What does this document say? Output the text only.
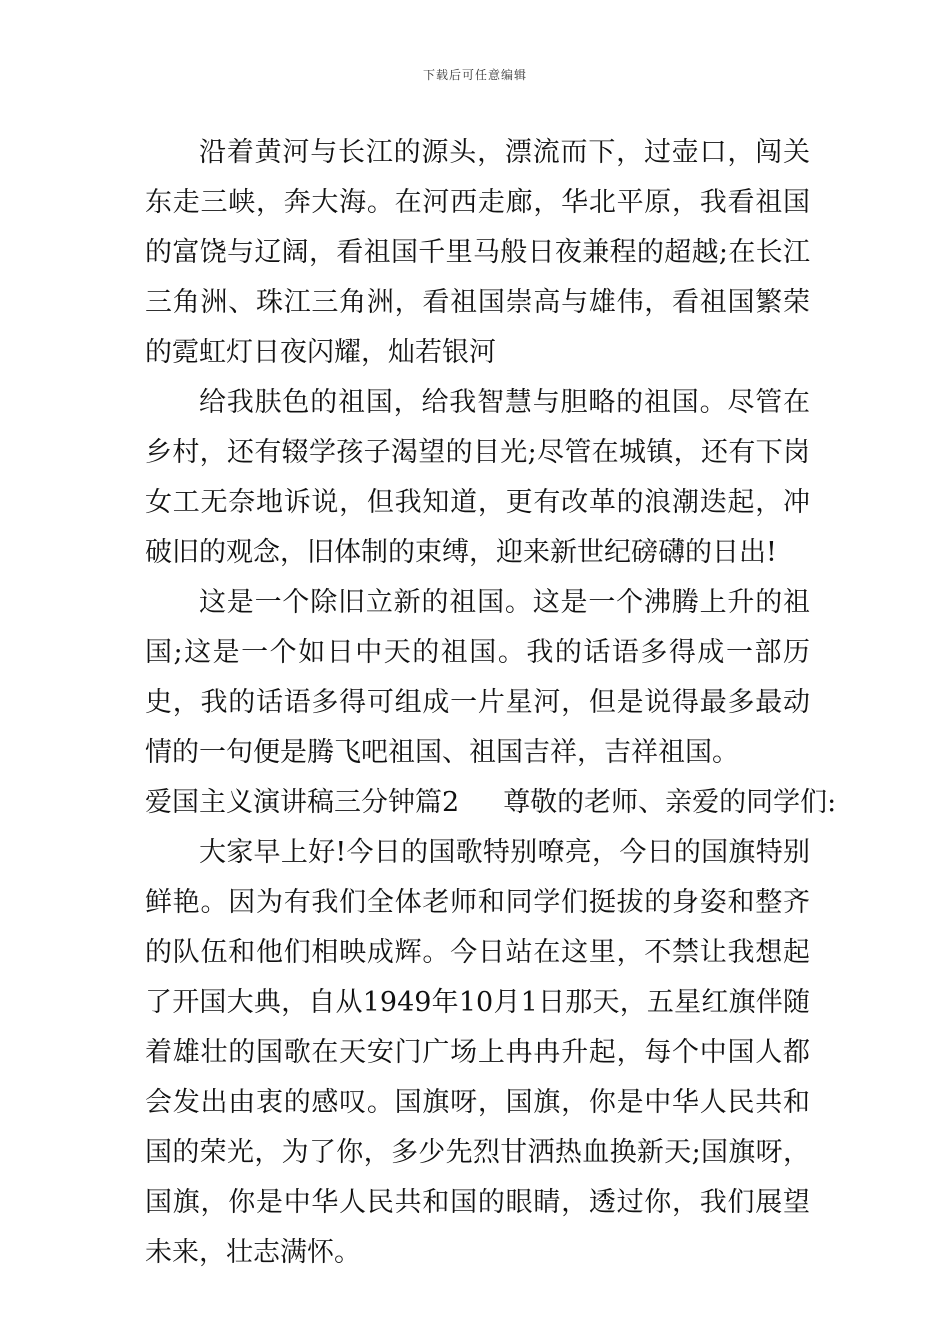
下载后可任意编辑

沿着黄河与长江的源头，漂流而下，过壶口，闯关东走三峡，奔大海。在河西走廊，华北平原，我看祖国的富饶与辽阔，看祖国千里马般日夜兼程的超越;在长江三角洲、珠江三角洲，看祖国崇高与雄伟，看祖国繁荣的霓虹灯日夜闪耀，灿若银河

给我肤色的祖国，给我智慧与胆略的祖国。尽管在乡村，还有辍学孩子渴望的目光;尽管在城镇，还有下岗女工无奈地诉说，但我知道，更有改革的浪潮迭起，冲破旧的观念，旧体制的束缚，迎来新世纪磅礴的日出!

这是一个除旧立新的祖国。这是一个沸腾上升的祖国;这是一个如日中天的祖国。我的话语多得成一部历史，我的话语多得可组成一片星河，但是说得最多最动情的一句便是腾飞吧祖国、祖国吉祥，吉祥祖国。

爱国主义演讲稿三分钟篇2 尊敬的老师、亲爱的同学们:

大家早上好!今日的国歌特别嘹亮，今日的国旗特别鲜艳。因为有我们全体老师和同学们挺拔的身姿和整齐的队伍和他们相映成辉。今日站在这里，不禁让我想起了开国大典，自从1949年10月1日那天，五星红旗伴随着雄壮的国歌在天安门广场上冉冉升起，每个中国人都会发出由衷的感叹。国旗呀，国旗，你是中华人民共和国的荣光，为了你，多少先烈甘洒热血换新天;国旗呀，国旗，你是中华人民共和国的眼睛，透过你，我们展望未来，壮志满怀。
